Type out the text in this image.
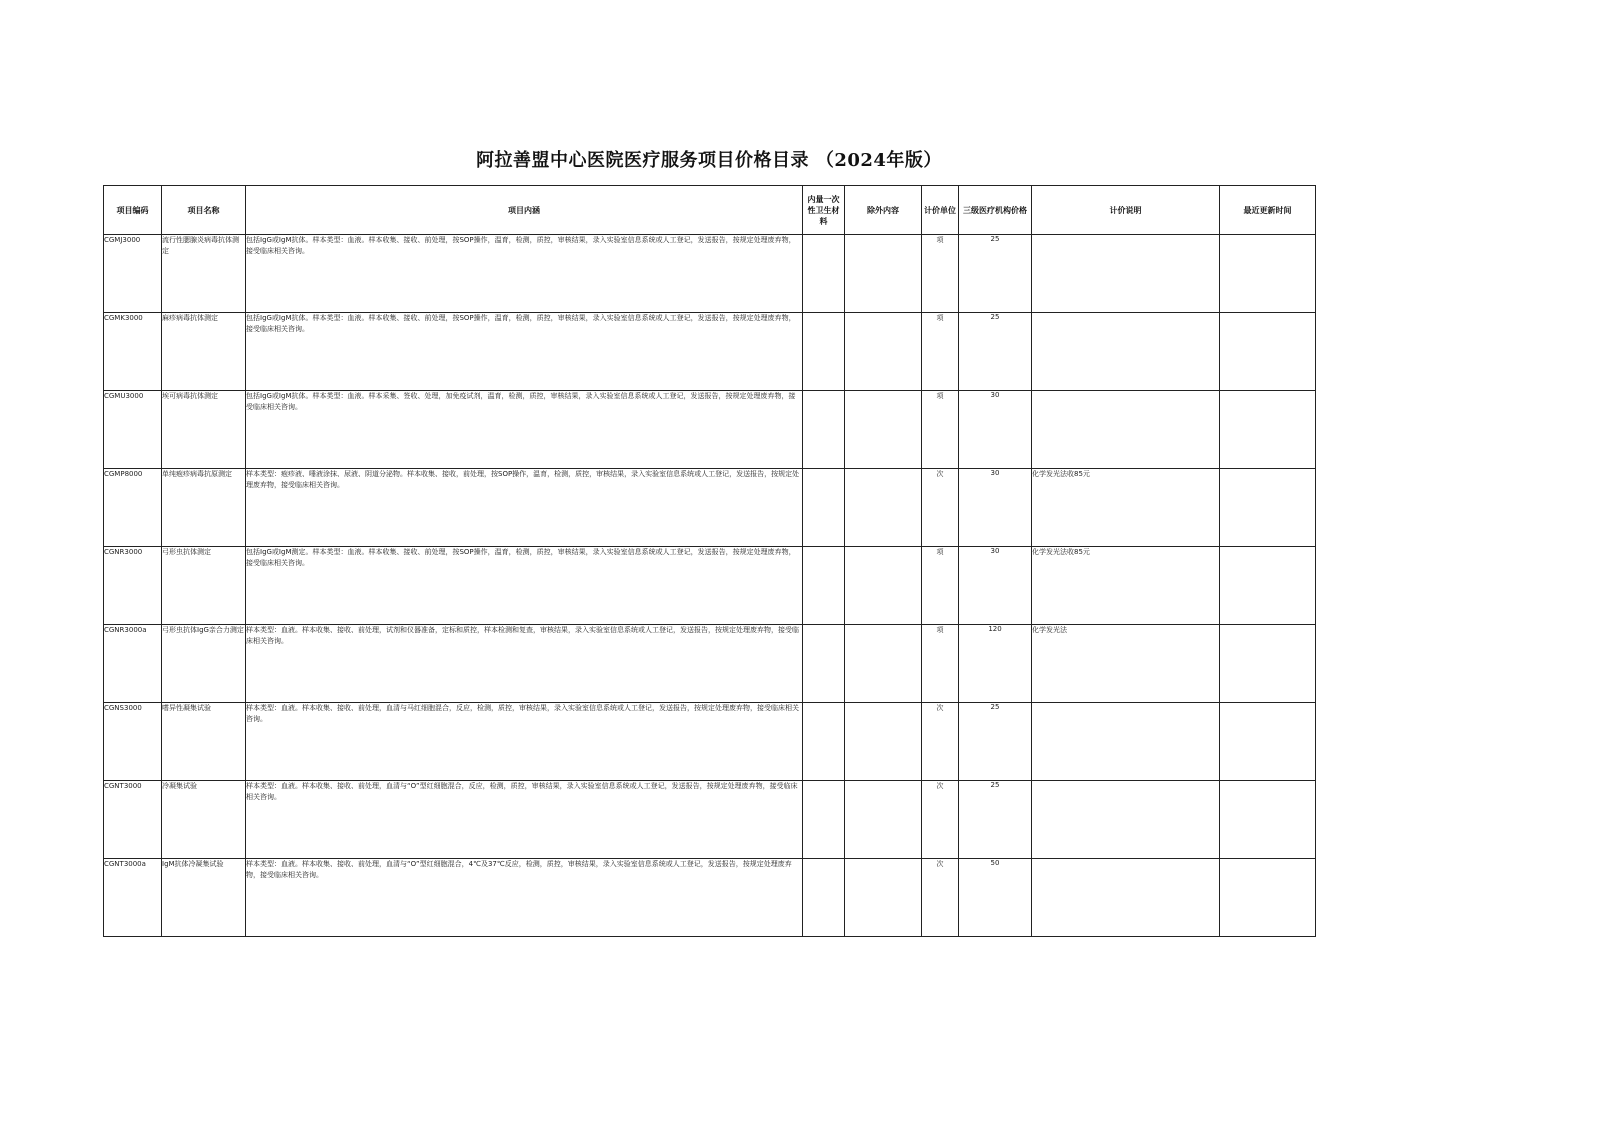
阿拉善盟中心医院医疗服务项目价格目录 （2024年版）
项目编码	项目名称	项目内涵	内量一次性卫生材料	除外内容	计价单位	三级医疗机构价格	计价说明	最近更新时间
CGMJ3000	流行性腮腺炎病毒抗体测定	包括IgG或IgM抗体。样本类型：血液。样本收集、接收、前处理，按SOP操作，温育，检测，质控，审核结果，录入实验室信息系统或人工登记，发送报告，按规定处理废弃物，接受临床相关咨询。			项	25		
CGMK3000	麻疹病毒抗体测定	包括IgG或IgM抗体。样本类型：血液。样本收集、接收、前处理，按SOP操作，温育，检测，质控，审核结果，录入实验室信息系统或人工登记，发送报告，按规定处理废弃物，接受临床相关咨询。			项	25		
CGMU3000	埃可病毒抗体测定	包括IgG或IgM抗体。样本类型：血液。样本采集、签收、处理，加免疫试剂，温育，检测，质控，审核结果，录入实验室信息系统或人工登记，发送报告，按规定处理废弃物，接受临床相关咨询。			项	30		
CGMP8000	单纯疱疹病毒抗原测定	样本类型：疱疹液、唾液涂抹、尿液、阴道分泌物。样本收集、接收，前处理，按SOP操作，温育，检测，质控，审核结果，录入实验室信息系统或人工登记，发送报告，按规定处理废弃物，接受临床相关咨询。			次	30	化学发光法收85元	
CGNR3000	弓形虫抗体测定	包括IgG或IgM测定。样本类型：血液。样本收集、接收、前处理，按SOP操作，温育，检测，质控，审核结果，录入实验室信息系统或人工登记，发送报告，按规定处理废弃物，接受临床相关咨询。			项	30	化学发光法收85元	
CGNR3000a	弓形虫抗体IgG亲合力测定	样本类型：血液。样本收集、接收、前处理，试剂和仪器准备，定标和质控，样本检测和复查，审核结果，录入实验室信息系统或人工登记，发送报告，按规定处理废弃物，接受临床相关咨询。			项	120	化学发光法	
CGNS3000	嗜异性凝集试验	样本类型：血液。样本收集、接收、前处理，血清与马红细胞混合，反应，检测，质控，审核结果，录入实验室信息系统或人工登记，发送报告，按规定处理废弃物，接受临床相关咨询。			次	25		
CGNT3000	冷凝集试验	样本类型：血液。样本收集、接收、前处理，血清与“O”型红细胞混合，反应，检测，质控，审核结果，录入实验室信息系统或人工登记，发送报告，按规定处理废弃物，接受临床相关咨询。			次	25		
CGNT3000a	IgM抗体冷凝集试验	样本类型：血液。样本收集、接收、前处理，血清与“O”型红细胞混合，4℃及37℃反应，检测，质控，审核结果，录入实验室信息系统或人工登记，发送报告，按规定处理废弃物，接受临床相关咨询。			次	50		
